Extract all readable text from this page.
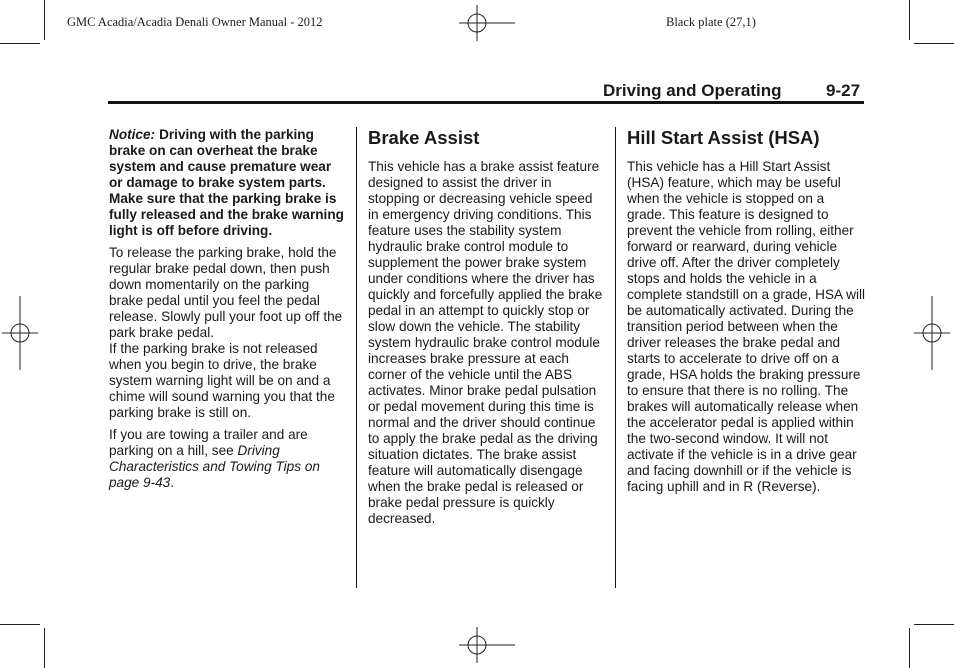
GMC Acadia/Acadia Denali Owner Manual - 2012	Black plate (27,1)
Driving and Operating	9-27

Notice: Driving with the parking brake on can overheat the brake system and cause premature wear or damage to brake system parts. Make sure that the parking brake is fully released and the brake warning light is off before driving.

To release the parking brake, hold the regular brake pedal down, then push down momentarily on the parking brake pedal until you feel the pedal release. Slowly pull your foot up off the park brake pedal.

If the parking brake is not released when you begin to drive, the brake system warning light will be on and a chime will sound warning you that the parking brake is still on.

If you are towing a trailer and are parking on a hill, see Driving Characteristics and Towing Tips on page 9-43.

Brake Assist

This vehicle has a brake assist feature designed to assist the driver in stopping or decreasing vehicle speed in emergency driving conditions. This feature uses the stability system hydraulic brake control module to supplement the power brake system under conditions where the driver has quickly and forcefully applied the brake pedal in an attempt to quickly stop or slow down the vehicle. The stability system hydraulic brake control module increases brake pressure at each corner of the vehicle until the ABS activates. Minor brake pedal pulsation or pedal movement during this time is normal and the driver should continue to apply the brake pedal as the driving situation dictates. The brake assist feature will automatically disengage when the brake pedal is released or brake pedal pressure is quickly decreased.

Hill Start Assist (HSA)

This vehicle has a Hill Start Assist (HSA) feature, which may be useful when the vehicle is stopped on a grade. This feature is designed to prevent the vehicle from rolling, either forward or rearward, during vehicle drive off. After the driver completely stops and holds the vehicle in a complete standstill on a grade, HSA will be automatically activated. During the transition period between when the driver releases the brake pedal and starts to accelerate to drive off on a grade, HSA holds the braking pressure to ensure that there is no rolling. The brakes will automatically release when the accelerator pedal is applied within the two-second window. It will not activate if the vehicle is in a drive gear and facing downhill or if the vehicle is facing uphill and in R (Reverse).
